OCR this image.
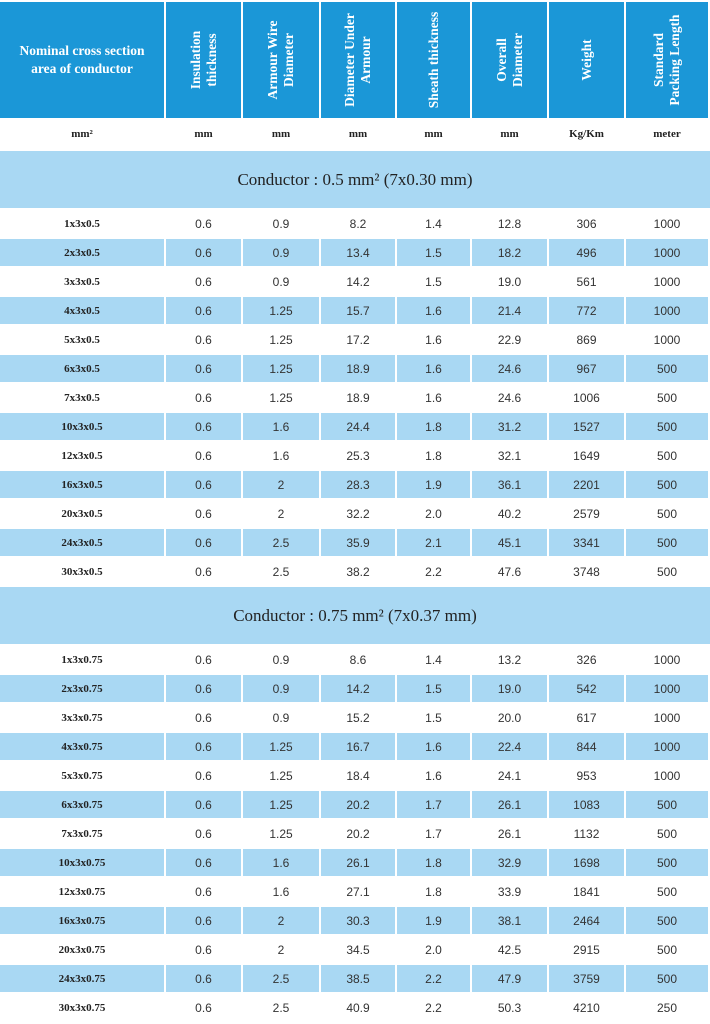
Nominal cross section
area of conductor	Insulation thickness	Armour Wire Diameter	Diameter Under Armour	Sheath thickness	Overall Diameter	Weight	Standard Packing Length
mm²	mm	mm	mm	mm	mm	Kg/Km	meter
Conductor : 0.5 mm² (7x0.30 mm)
1x3x0.5	0.6	0.9	8.2	1.4	12.8	306	1000
2x3x0.5	0.6	0.9	13.4	1.5	18.2	496	1000
3x3x0.5	0.6	0.9	14.2	1.5	19.0	561	1000
4x3x0.5	0.6	1.25	15.7	1.6	21.4	772	1000
5x3x0.5	0.6	1.25	17.2	1.6	22.9	869	1000
6x3x0.5	0.6	1.25	18.9	1.6	24.6	967	500
7x3x0.5	0.6	1.25	18.9	1.6	24.6	1006	500
10x3x0.5	0.6	1.6	24.4	1.8	31.2	1527	500
12x3x0.5	0.6	1.6	25.3	1.8	32.1	1649	500
16x3x0.5	0.6	2	28.3	1.9	36.1	2201	500
20x3x0.5	0.6	2	32.2	2.0	40.2	2579	500
24x3x0.5	0.6	2.5	35.9	2.1	45.1	3341	500
30x3x0.5	0.6	2.5	38.2	2.2	47.6	3748	500
Conductor : 0.75 mm² (7x0.37 mm)
1x3x0.75	0.6	0.9	8.6	1.4	13.2	326	1000
2x3x0.75	0.6	0.9	14.2	1.5	19.0	542	1000
3x3x0.75	0.6	0.9	15.2	1.5	20.0	617	1000
4x3x0.75	0.6	1.25	16.7	1.6	22.4	844	1000
5x3x0.75	0.6	1.25	18.4	1.6	24.1	953	1000
6x3x0.75	0.6	1.25	20.2	1.7	26.1	1083	500
7x3x0.75	0.6	1.25	20.2	1.7	26.1	1132	500
10x3x0.75	0.6	1.6	26.1	1.8	32.9	1698	500
12x3x0.75	0.6	1.6	27.1	1.8	33.9	1841	500
16x3x0.75	0.6	2	30.3	1.9	38.1	2464	500
20x3x0.75	0.6	2	34.5	2.0	42.5	2915	500
24x3x0.75	0.6	2.5	38.5	2.2	47.9	3759	500
30x3x0.75	0.6	2.5	40.9	2.2	50.3	4210	250
